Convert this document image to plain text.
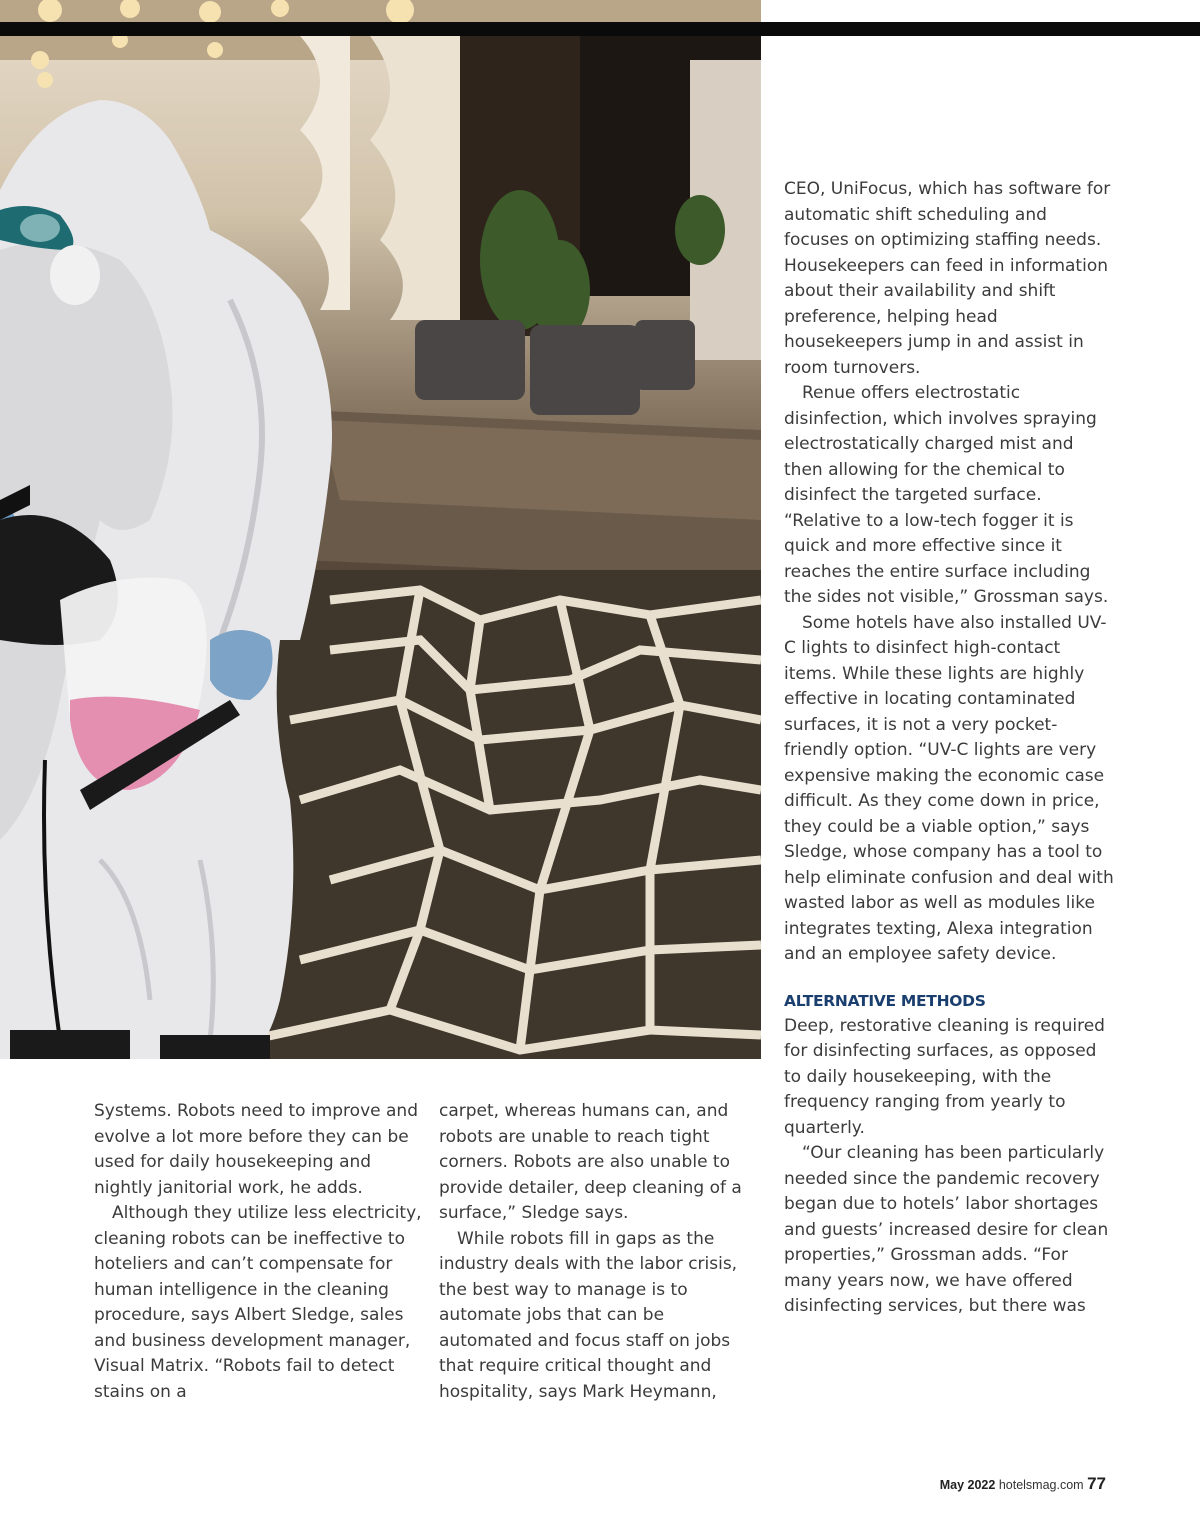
Systems. Robots need to improve and evolve a lot more before they can be used for daily housekeeping and nightly janitorial work, he adds.

Although they utilize less electricity, cleaning robots can be ineffective to hoteliers and can’t compensate for human intelligence in the cleaning procedure, says Albert Sledge, sales and business development manager, Visual Matrix. “Robots fail to detect stains on a

carpet, whereas humans can, and robots are unable to reach tight corners. Robots are also unable to provide detailer, deep cleaning of a surface,” Sledge says.

While robots fill in gaps as the industry deals with the labor crisis, the best way to manage is to automate jobs that can be automated and focus staff on jobs that require critical thought and hospitality, says Mark Heymann,

CEO, UniFocus, which has software for automatic shift scheduling and focuses on optimizing staffing needs. Housekeepers can feed in information about their availability and shift preference, helping head housekeepers jump in and assist in room turnovers.

Renue offers electrostatic disinfection, which involves spraying electrostatically charged mist and then allowing for the chemical to disinfect the targeted surface. “Relative to a low-tech fogger it is quick and more effective since it reaches the entire surface including the sides not visible,” Grossman says.

Some hotels have also installed UV-C lights to disinfect high-contact items. While these lights are highly effective in locating contaminated surfaces, it is not a very pocket-friendly option. “UV-C lights are very expensive making the economic case difficult. As they come down in price, they could be a viable option,” says Sledge, whose company has a tool to help eliminate confusion and deal with wasted labor as well as modules like integrates texting, Alexa integration and an employee safety device.

ALTERNATIVE METHODS

Deep, restorative cleaning is required for disinfecting surfaces, as opposed to daily housekeeping, with the frequency ranging from yearly to quarterly.

“Our cleaning has been particularly needed since the pandemic recovery began due to hotels’ labor shortages and guests’ increased desire for clean properties,” Grossman adds. “For many years now, we have offered disinfecting services, but there was

May 2022 hotelsmag.com 77
